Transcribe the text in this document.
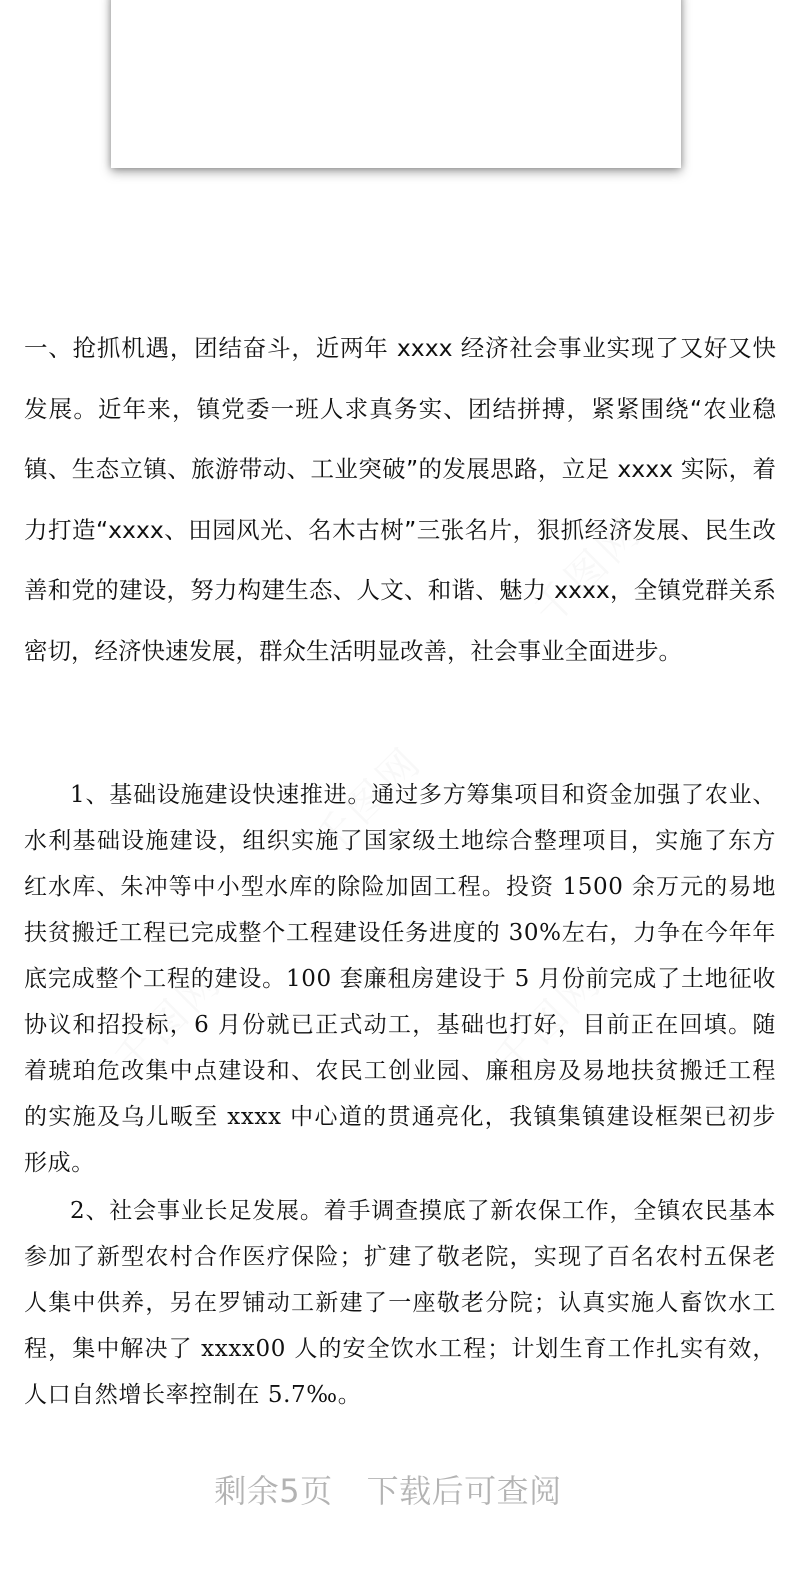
千图网
千图网
千图网
千图网

一、抢抓机遇，团结奋斗，近两年 xxxx 经济社会事业实现了又好又快发展。近年来，镇党委一班人求真务实、团结拼搏，紧紧围绕“农业稳镇、生态立镇、旅游带动、工业突破”的发展思路，立足 xxxx 实际，着力打造“xxxx、田园风光、名木古树”三张名片，狠抓经济发展、民生改善和党的建设，努力构建生态、人文、和谐、魅力 xxxx，全镇党群关系密切，经济快速发展，群众生活明显改善，社会事业全面进步。

1、基础设施建设快速推进。通过多方筹集项目和资金加强了农业、水利基础设施建设，组织实施了国家级土地综合整理项目，实施了东方红水库、朱冲等中小型水库的除险加固工程。投资 1500 余万元的易地扶贫搬迁工程已完成整个工程建设任务进度的 30%左右，力争在今年年底完成整个工程的建设。100 套廉租房建设于 5 月份前完成了土地征收协议和招投标，6 月份就已正式动工，基础也打好，目前正在回填。随着琥珀危改集中点建设和、农民工创业园、廉租房及易地扶贫搬迁工程的实施及乌儿畈至 xxxx 中心道的贯通亮化，我镇集镇建设框架已初步形成。

2、社会事业长足发展。着手调查摸底了新农保工作，全镇农民基本参加了新型农村合作医疗保险；扩建了敬老院，实现了百名农村五保老人集中供养，另在罗铺动工新建了一座敬老分院；认真实施人畜饮水工程，集中解决了 xxxx00 人的安全饮水工程；计划生育工作扎实有效，人口自然增长率控制在 5.7‰。

剩余5页 下载后可查阅
